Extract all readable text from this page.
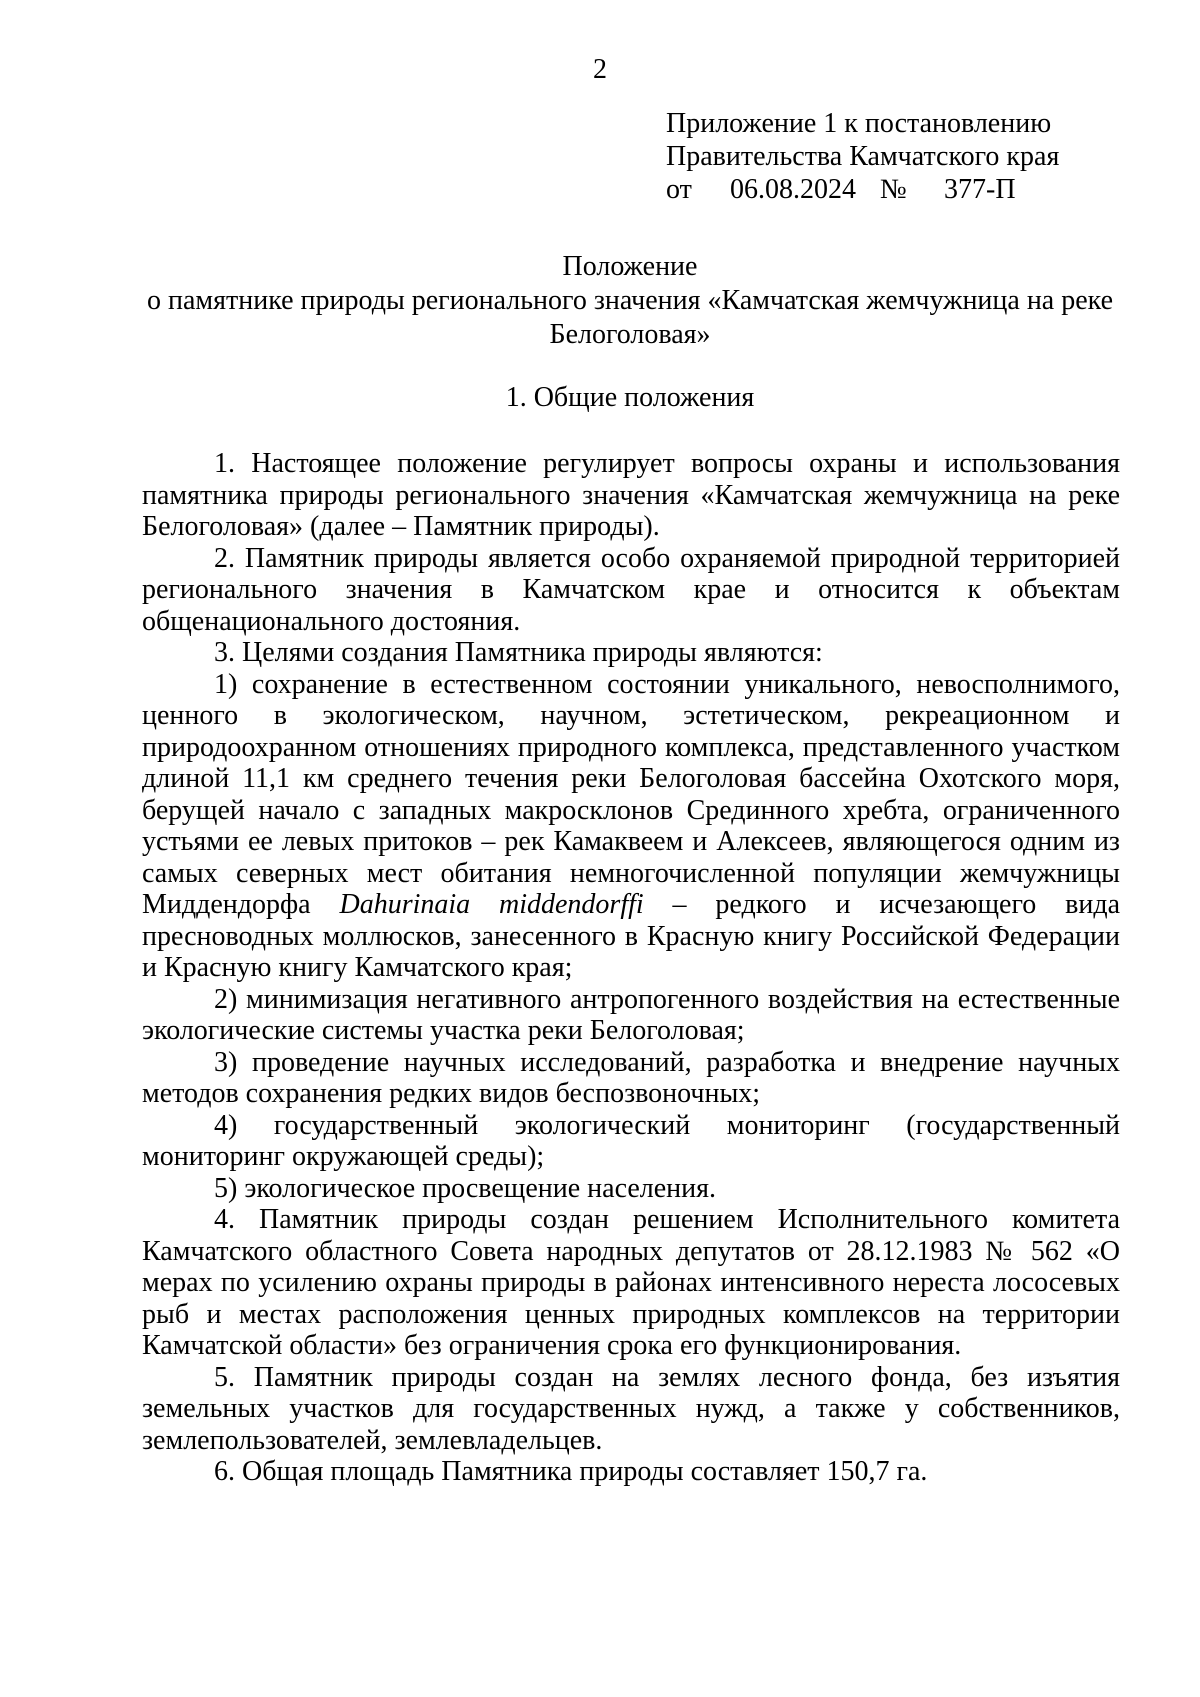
2
Приложение 1 к постановлению
Правительства Камчатского края
от 06.08.2024 № 377-П
Положение
о памятнике природы регионального значения «Камчатская жемчужница на реке Белоголовая»
1. Общие положения

1. Настоящее положение регулирует вопросы охраны и использования памятника природы регионального значения «Камчатская жемчужница на реке Белоголовая» (далее – Памятник природы).

2. Памятник природы является особо охраняемой природной территорией регионального значения в Камчатском крае и относится к объектам общенационального достояния.

3. Целями создания Памятника природы являются:

1) сохранение в естественном состоянии уникального, невосполнимого, ценного в экологическом, научном, эстетическом, рекреационном и природоохранном отношениях природного комплекса, представленного участком длиной 11,1 км среднего течения реки Белоголовая бассейна Охотского моря, берущей начало с западных макросклонов Срединного хребта, ограниченного устьями ее левых притоков – рек Камаквеем и Алексеев, являющегося одним из самых северных мест обитания немногочисленной популяции жемчужницы Миддендорфа Dahurinaia middendorffi – редкого и исчезающего вида пресноводных моллюсков, занесенного в Красную книгу Российской Федерации и Красную книгу Камчатского края;

2) минимизация негативного антропогенного воздействия на естественные экологические системы участка реки Белоголовая;

3) проведение научных исследований, разработка и внедрение научных методов сохранения редких видов беспозвоночных;

4) государственный экологический мониторинг (государственный мониторинг окружающей среды);

5) экологическое просвещение населения.

4. Памятник природы создан решением Исполнительного комитета Камчатского областного Совета народных депутатов от 28.12.1983 № 562 «О мерах по усилению охраны природы в районах интенсивного нереста лососевых рыб и местах расположения ценных природных комплексов на территории Камчатской области» без ограничения срока его функционирования.

5. Памятник природы создан на землях лесного фонда, без изъятия земельных участков для государственных нужд, а также у собственников, землепользователей, землевладельцев.

6. Общая площадь Памятника природы составляет 150,7 га.
